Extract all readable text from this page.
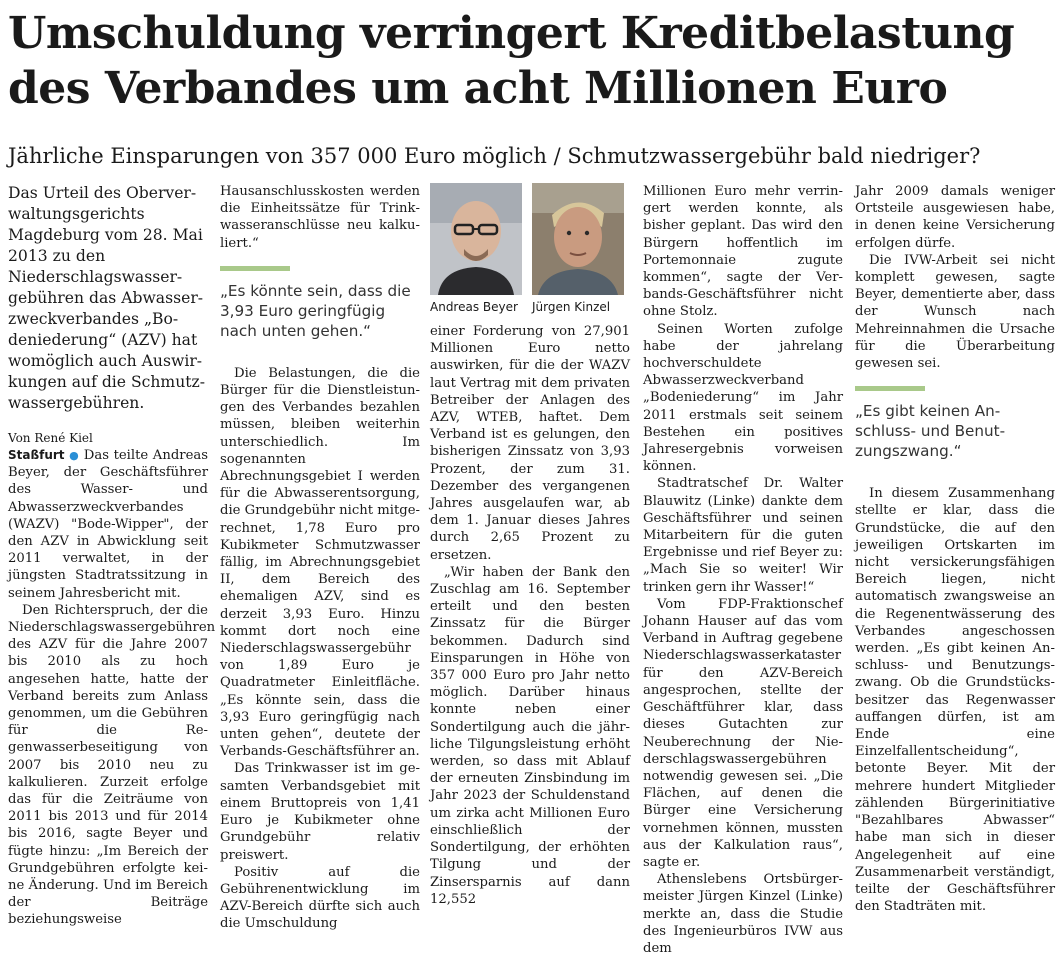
Umschuldung verringert Kreditbelastung
des Verbandes um acht Millionen Euro
Jährliche Einsparungen von 357 000 Euro möglich / Schmutzwassergebühr bald niedriger?

Das Urteil des Oberverwaltungsgerichts Magdeburg vom 28. Mai 2013 zu den Niederschlagswassergebühren das Abwasserzweckverbandes „Bodeniederung“ (AZV) hat womöglich auch Auswirkungen auf die Schmutzwassergebühren.

Von René Kiel

Staßfurt ● Das teilte Andreas Beyer, der Geschäftsführer des Wasser- und Abwasserzweckverbandes (WAZV) "Bode-Wipper", der den AZV in Abwicklung seit 2011 verwaltet, in der jüngsten Stadtratssitzung in seinem Jahresbericht mit.

Den Richterspruch, der die Niederschlagswassergebühren des AZV für die Jahre 2007 bis 2010 als zu hoch angesehen hatte, hatte der Verband bereits zum Anlass genommen, um die Gebühren für die Regenwasserbeseitigung von 2007 bis 2010 neu zu kalkulieren. Zurzeit erfolge das für die Zeiträume von 2011 bis 2013 und für 2014 bis 2016, sagte Beyer und fügte hinzu: „Im Bereich der Grundgebühren erfolgte keine Änderung. Und im Bereich der Beiträge beziehungsweise

Hausanschlusskosten werden die Einheitssätze für Trinkwasseranschlüsse neu kalkuliert.“

„Es könnte sein, dass die 3,93 Euro geringfügig nach unten gehen.“

Die Belastungen, die die Bürger für die Dienstleistungen des Verbandes bezahlen müssen, bleiben weiterhin unterschiedlich. Im sogenannten Abrechnungsgebiet I werden für die Abwasserentsorgung, die Grundgebühr nicht mitgerechnet, 1,78 Euro pro Kubikmeter Schmutzwasser fällig, im Abrechnungsgebiet II, dem Bereich des ehemaligen AZV, sind es derzeit 3,93 Euro. Hinzu kommt dort noch eine Niederschlagswassergebühr von 1,89 Euro je Quadratmeter Einleitfläche. „Es könnte sein, dass die 3,93 Euro geringfügig nach unten gehen“, deutete der Verbands-Geschäftsführer an.

Das Trinkwasser ist im gesamten Verbandsgebiet mit einem Bruttopreis von 1,41 Euro je Kubikmeter ohne Grundgebühr relativ preiswert.

Positiv auf die Gebührenentwicklung im AZV-Bereich dürfte sich auch die Umschuldung

Andreas Beyer	Jürgen Kinzel

einer Forderung von 27,901 Millionen Euro netto auswirken, für die der WAZV laut Vertrag mit dem privaten Betreiber der Anlagen des AZV, WTEB, haftet. Dem Verband ist es gelungen, den bisherigen Zinssatz von 3,93 Prozent, der zum 31. Dezember des vergangenen Jahres ausgelaufen war, ab dem 1. Januar dieses Jahres durch 2,65 Prozent zu ersetzen.

„Wir haben der Bank den Zuschlag am 16. September erteilt und den besten Zinssatz für die Bürger bekommen. Dadurch sind Einsparungen in Höhe von 357 000 Euro pro Jahr netto möglich. Darüber hinaus konnte neben einer Sondertilgung auch die jährliche Tilgungsleistung erhöht werden, so dass mit Ablauf der erneuten Zinsbindung im Jahr 2023 der Schuldenstand um zirka acht Millionen Euro einschließlich der Sondertilgung, der erhöhten Tilgung und der Zinsersparnis auf dann 12,552

Millionen Euro mehr verringert werden konnte, als bisher geplant. Das wird den Bürgern hoffentlich im Portemonnaie zugute kommen“, sagte der Verbands-Geschäftsführer nicht ohne Stolz.

Seinen Worten zufolge habe der jahrelang hochverschuldete Abwasserzweckverband „Bodeniederung“ im Jahr 2011 erstmals seit seinem Bestehen ein positives Jahresergebnis vorweisen können.

Stadtratschef Dr. Walter Blauwitz (Linke) dankte dem Geschäftsführer und seinen Mitarbeitern für die guten Ergebnisse und rief Beyer zu: „Mach Sie so weiter! Wir trinken gern ihr Wasser!“

Vom FDP-Fraktionschef Johann Hauser auf das vom Verband in Auftrag gegebene Niederschlagswasserkataster für den AZV-Bereich angesprochen, stellte der Geschäftführer klar, dass dieses Gutachten zur Neuberechnung der Niederschlagswassergebühren notwendig gewesen sei. „Die Flächen, auf denen die Bürger eine Versicherung vornehmen können, mussten aus der Kalkulation raus“, sagte er.

Athenslebens Ortsbürgermeister Jürgen Kinzel (Linke) merkte an, dass die Studie des Ingenieurbüros IVW aus dem

Jahr 2009 damals weniger Ortsteile ausgewiesen habe, in denen keine Versicherung erfolgen dürfe.

Die IVW-Arbeit sei nicht komplett gewesen, sagte Beyer, dementierte aber, dass der Wunsch nach Mehreinnahmen die Ursache für die Überarbeitung gewesen sei.

„Es gibt keinen Anschluss- und Benutzungszwang.“

In diesem Zusammenhang stellte er klar, dass die Grundstücke, die auf den jeweiligen Ortskarten im nicht versickerungsfähigen Bereich liegen, nicht automatisch zwangsweise an die Regenentwässerung des Verbandes angeschossen werden. „Es gibt keinen Anschluss- und Benutzungszwang. Ob die Grundstücksbesitzer das Regenwasser auffangen dürfen, ist am Ende eine Einzelfallentscheidung“, betonte Beyer. Mit der mehrere hundert Mitglieder zählenden Bürgerinitiative "Bezahlbares Abwasser“ habe man sich in dieser Angelegenheit auf eine Zusammenarbeit verständigt, teilte der Geschäftsführer den Stadträten mit.
